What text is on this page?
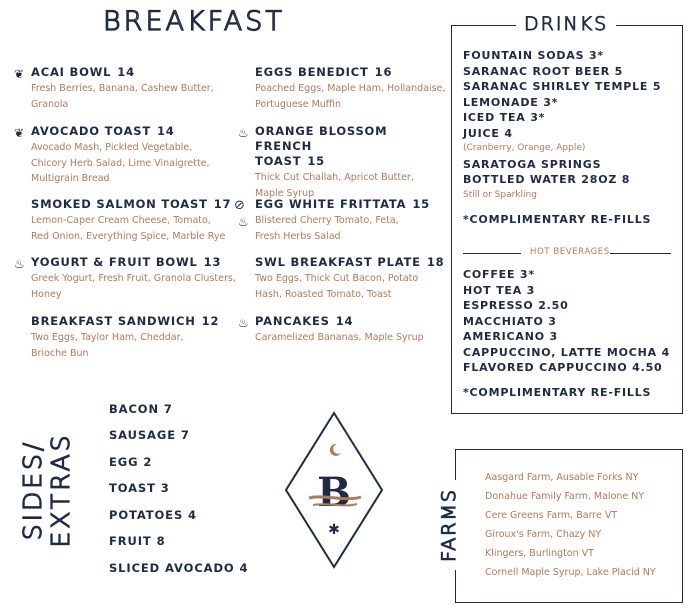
BREAKFAST
❦ ACAI BOWL 14
Fresh Berries, Banana, Cashew Butter,
Granola
❦ AVOCADO TOAST 14
Avocado Mash, Pickled Vegetable,
Chicory Herb Salad, Lime Vinaigrette,
Multigrain Bread
SMOKED SALMON TOAST 17
Lemon-Caper Cream Cheese, Tomato,
Red Onion, Everything Spice, Marble Rye
♨ YOGURT & FRUIT BOWL 13
Greek Yogurt, Fresh Fruit, Granola Clusters,
Honey
BREAKFAST SANDWICH 12
Two Eggs, Taylor Ham, Cheddar,
Brioche Bun
EGGS BENEDICT 16
Poached Eggs, Maple Ham, Hollandaise,
Portuguese Muffin
♨ ORANGE BLOSSOM FRENCH
TOAST 15
Thick Cut Challah, Apricot Butter,
Maple Syrup
⊘
♨
EGG WHITE FRITTATA 15
Blistered Cherry Tomato, Feta,
Fresh Herbs Salad
SWL BREAKFAST PLATE 18
Two Eggs, Thick Cut Bacon, Potato
Hash, Roasted Tomato, Toast
♨ PANCAKES 14
Caramelized Bananas, Maple Syrup
DRINKS
FOUNTAIN SODAS 3*
SARANAC ROOT BEER 5
SARANAC SHIRLEY TEMPLE 5
LEMONADE 3*
ICED TEA 3*
JUICE 4
(Cranberry, Orange, Apple)
SARATOGA SPRINGS
BOTTLED WATER 28OZ 8
Still or Sparkling
*COMPLIMENTARY RE-FILLS
HOT BEVERAGES
COFFEE 3*
HOT TEA 3
ESPRESSO 2.50
MACCHIATO 3
AMERICANO 3
CAPPUCCINO, LATTE MOCHA 4
FLAVORED CAPPUCCINO 4.50
*COMPLIMENTARY RE-FILLS
SIDES/ EXTRAS
BACON 7
SAUSAGE 7
EGG 2
TOAST 3
POTATOES 4
FRUIT 8
SLICED AVOCADO 4
B
✱	FARMS
Aasgard Farm, Ausable Forks NY
Donahue Family Farm, Malone NY
Cere Greens Farm, Barre VT
Giroux's Farm, Chazy NY
Klingers, Burlington VT
Cornell Maple Syrup, Lake Placid NY
